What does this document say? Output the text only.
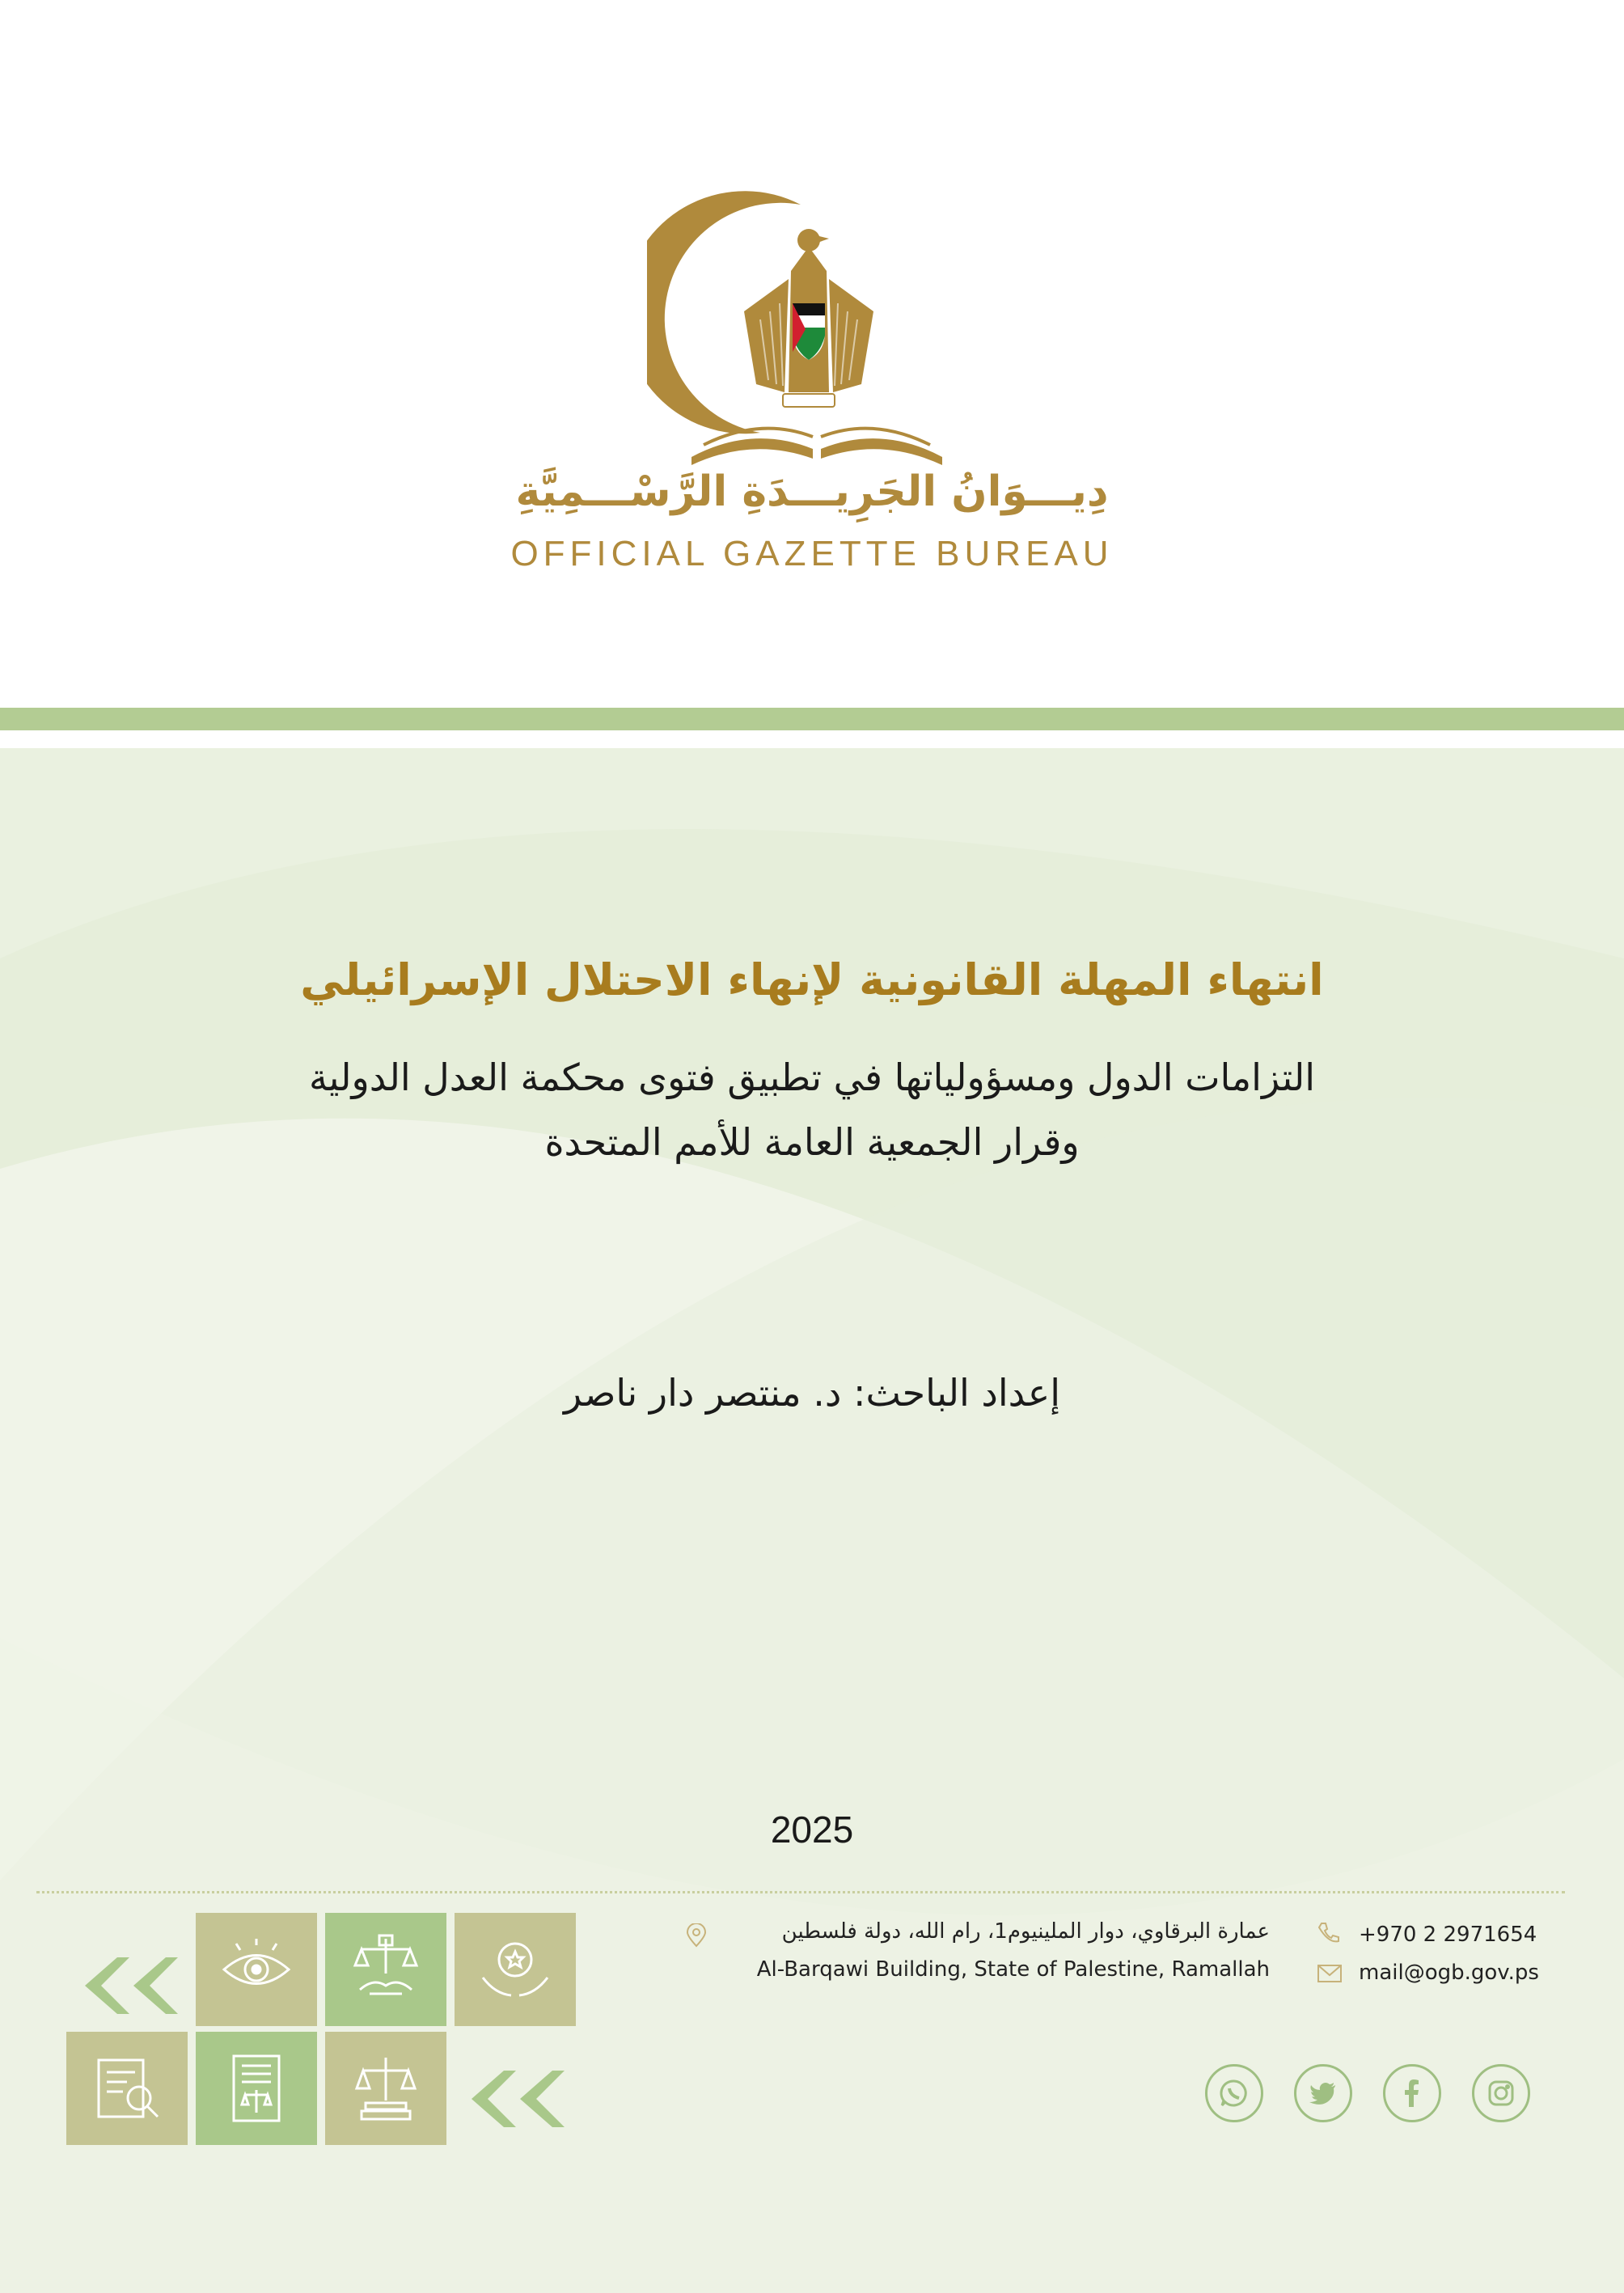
دِيـــوَانُ الجَرِيـــدَةِ الرَّسْـــمِيَّةِ
OFFICIAL GAZETTE BUREAU
انتهاء المهلة القانونية لإنهاء الاحتلال الإسرائيلي
التزامات الدول ومسؤولياتها في تطبيق فتوى محكمة العدل الدولية
وقرار الجمعية العامة للأمم المتحدة
إعداد الباحث: د. منتصر دار ناصر
2025
عمارة البرقاوي، دوار الملينيوم1، رام الله، دولة فلسطين
Al-Barqawi Building, State of Palestine, Ramallah
+970 2 2971654
mail@ogb.gov.ps
